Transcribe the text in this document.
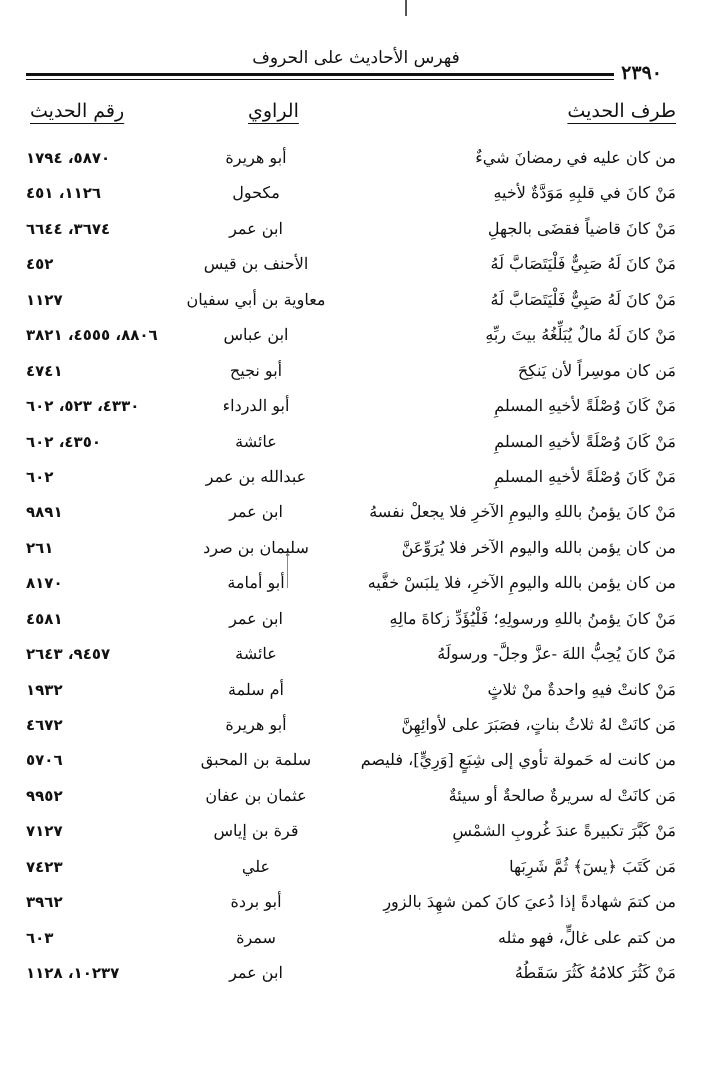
فهرس الأحاديث على الحروف
٢٣٩٠
طرف الحديث
الراوي
رقم الحديث
من كان عليه في رمضانَ شيءٌ
أبو هريرة
٥٨٧٠، ١٧٩٤
مَنْ كانَ في قلبِهِ مَوَدَّةٌ لأخيهِ
مكحول
١١٢٦، ٤٥١
مَنْ كانَ قاضياً فقضَى بالجهلِ
ابن عمر
٣٦٧٤، ٦٦٤٤
مَنْ كانَ لَهُ صَبِيٌّ فَلْيَتَصَابَّ لَهُ
الأحنف بن قيس
٤٥٢
مَنْ كانَ لَهُ صَبِيٌّ فَلْيَتَصَابَّ لَهُ
معاوية بن أبي سفيان
١١٢٧
مَنْ كانَ لَهُ مالٌ يُبَلِّغُهُ بيتَ ربِّهِ
ابن عباس
٨٨٠٦، ٤٥٥٥، ٣٨٢١
مَن كان موسِراً لأن يَنكِحَ
أبو نجيح
٤٧٤١
مَنْ كَانَ وُصْلَةً لأخيهِ المسلمِ
أبو الدرداء
٤٣٣٠، ٥٢٣، ٦٠٢
مَنْ كَانَ وُصْلَةً لأخيهِ المسلمِ
عائشة
٤٣٥٠، ٦٠٢
مَنْ كَانَ وُصْلَةً لأخيهِ المسلمِ
عبدالله بن عمر
٦٠٢
مَنْ كانَ يؤمنُ باللهِ واليومِ الآخرِ فلا يجعلْ نفسهُ
ابن عمر
٩٨٩١
من كان يؤمن بالله واليوم الآخر فلا يُرَوِّعَنَّ
سليمان بن صرد
٢٦١
من كان يؤمن بالله واليومِ الآخرِ، فلا يلبَسْ خفَّيه
أبو أمامة
٨١٧٠
مَنْ كانَ يؤمنُ باللهِ ورسولِهِ؛ فَلْيُؤَدِّ زكاةَ مالِهِ
ابن عمر
٤٥٨١
مَنْ كانَ يُحِبُّ اللهَ -عزَّ وجلَّ- ورسولَهُ
عائشة
٩٤٥٧، ٢٦٤٣
مَنْ كانتْ فيهِ واحدةٌ منْ ثلاثٍ
أم سلمة
١٩٣٢
مَن كانَتْ لهُ ثلاثُ بناتٍ، فصَبَرَ على لأوائِهِنَّ
أبو هريرة
٤٦٧٢
من كانت له حَمولة تأوي إلى شِبَعٍ [وَرِيٍّ]، فليصم
سلمة بن المحبق
٥٧٠٦
مَن كانَتْ له سريرةٌ صالحةٌ أو سيئةٌ
عثمان بن عفان
٩٩٥٢
مَنْ كَبَّرَ تكبيرةً عندَ غُروبِ الشمْسِ
قرة بن إياس
٧١٢٧
مَن كَتَبَ ﴿يسٓ﴾ ثُمَّ شَرِبَها
علي
٧٤٢٣
من كتمَ شهادةً إذا دُعيَ كانَ كمن شهِدَ بالزورِ
أبو بردة
٣٩٦٢
من كتم على غالٍّ، فهو مثله
سمرة
٦٠٣
مَنْ كَثُرَ كلامُهُ كَثُرَ سَقَطُهُ
ابن عمر
١٠٢٣٧، ١١٢٨
